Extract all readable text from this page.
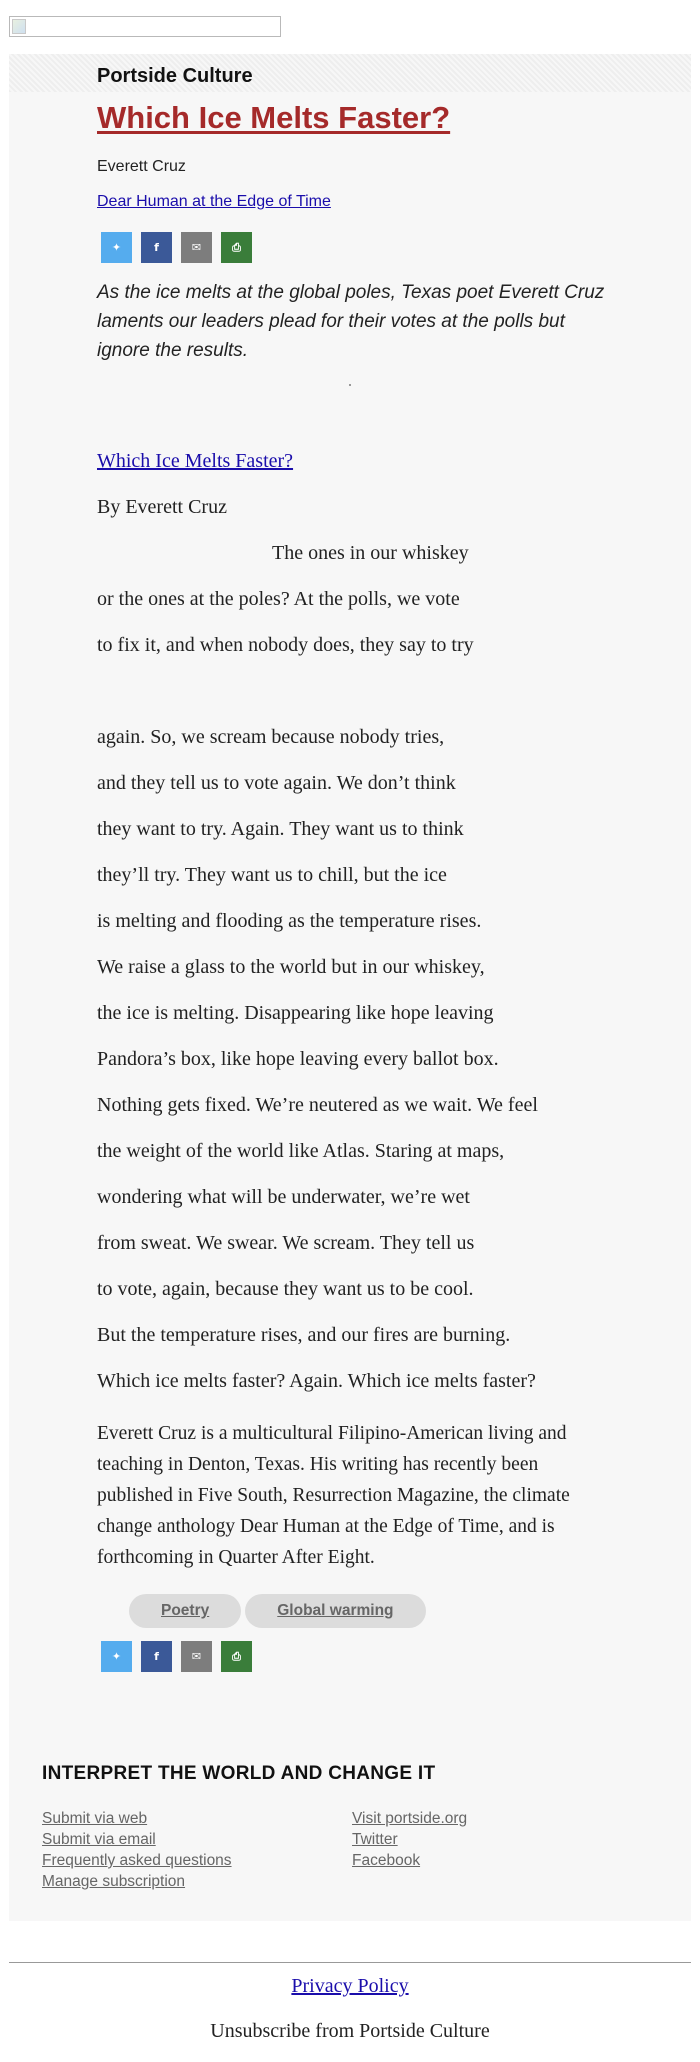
Portside Culture
Which Ice Melts Faster?
Everett Cruz
Dear Human at the Edge of Time
✦	f	✉	⎙
As the ice melts at the global poles, Texas poet Everett Cruz laments our leaders plead for their votes at the polls but ignore the results.
Which Ice Melts Faster?
By Everett Cruz
The ones in our whiskey
or the ones at the poles? At the polls, we vote
to fix it, and when nobody does, they say to try
again. So, we scream because nobody tries,
and they tell us to vote again. We don’t think
they want to try. Again. They want us to think
they’ll try. They want us to chill, but the ice
is melting and flooding as the temperature rises.
We raise a glass to the world but in our whiskey,
the ice is melting. Disappearing like hope leaving
Pandora’s box, like hope leaving every ballot box.
Nothing gets fixed. We’re neutered as we wait. We feel
the weight of the world like Atlas. Staring at maps,
wondering what will be underwater, we’re wet
from sweat. We swear. We scream. They tell us
to vote, again, because they want us to be cool.
But the temperature rises, and our fires are burning.
Which ice melts faster? Again. Which ice melts faster?
Everett Cruz is a multicultural Filipino-American living and teaching in Denton, Texas. His writing has recently been published in Five South, Resurrection Magazine, the climate change anthology Dear Human at the Edge of Time, and is forthcoming in Quarter After Eight.
Poetry	Global warming
✦	f	✉	⎙
INTERPRET THE WORLD AND CHANGE IT
Submit via web
Submit via email
Frequently asked questions
Manage subscription
Visit portside.org
Twitter
Facebook
Privacy Policy
Unsubscribe from Portside Culture
